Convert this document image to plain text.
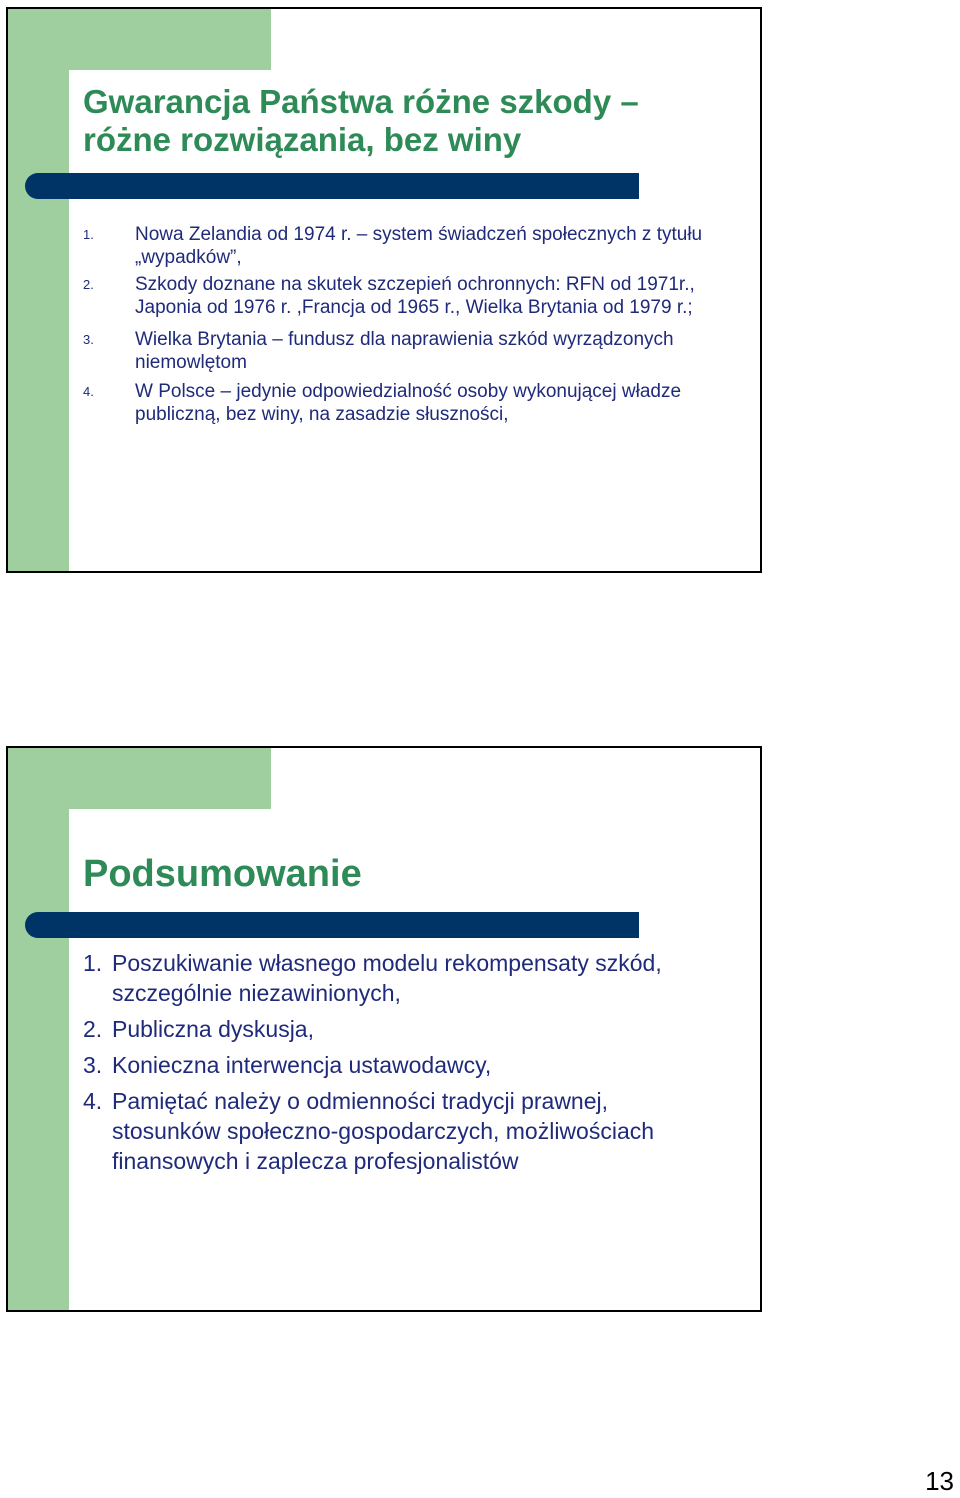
Gwarancja Państwa różne szkody – różne rozwiązania, bez winy
1. Nowa Zelandia od 1974 r. – system świadczeń społecznych z tytułu „wypadków”,
2. Szkody doznane na skutek szczepień ochronnych: RFN od 1971r., Japonia od 1976 r. ,Francja od 1965 r., Wielka Brytania od 1979 r.;
3. Wielka Brytania – fundusz dla naprawienia szkód wyrządzonych niemowlętom
4. W Polsce – jedynie odpowiedzialność osoby wykonującej władze publiczną, bez winy, na zasadzie słuszności,
Podsumowanie
1. Poszukiwanie własnego modelu rekompensaty szkód, szczególnie niezawinionych,
2. Publiczna dyskusja,
3. Konieczna interwencja ustawodawcy,
4. Pamiętać należy o odmienności tradycji prawnej, stosunków społeczno-gospodarczych, możliwościach finansowych i zaplecza profesjonalistów
13
